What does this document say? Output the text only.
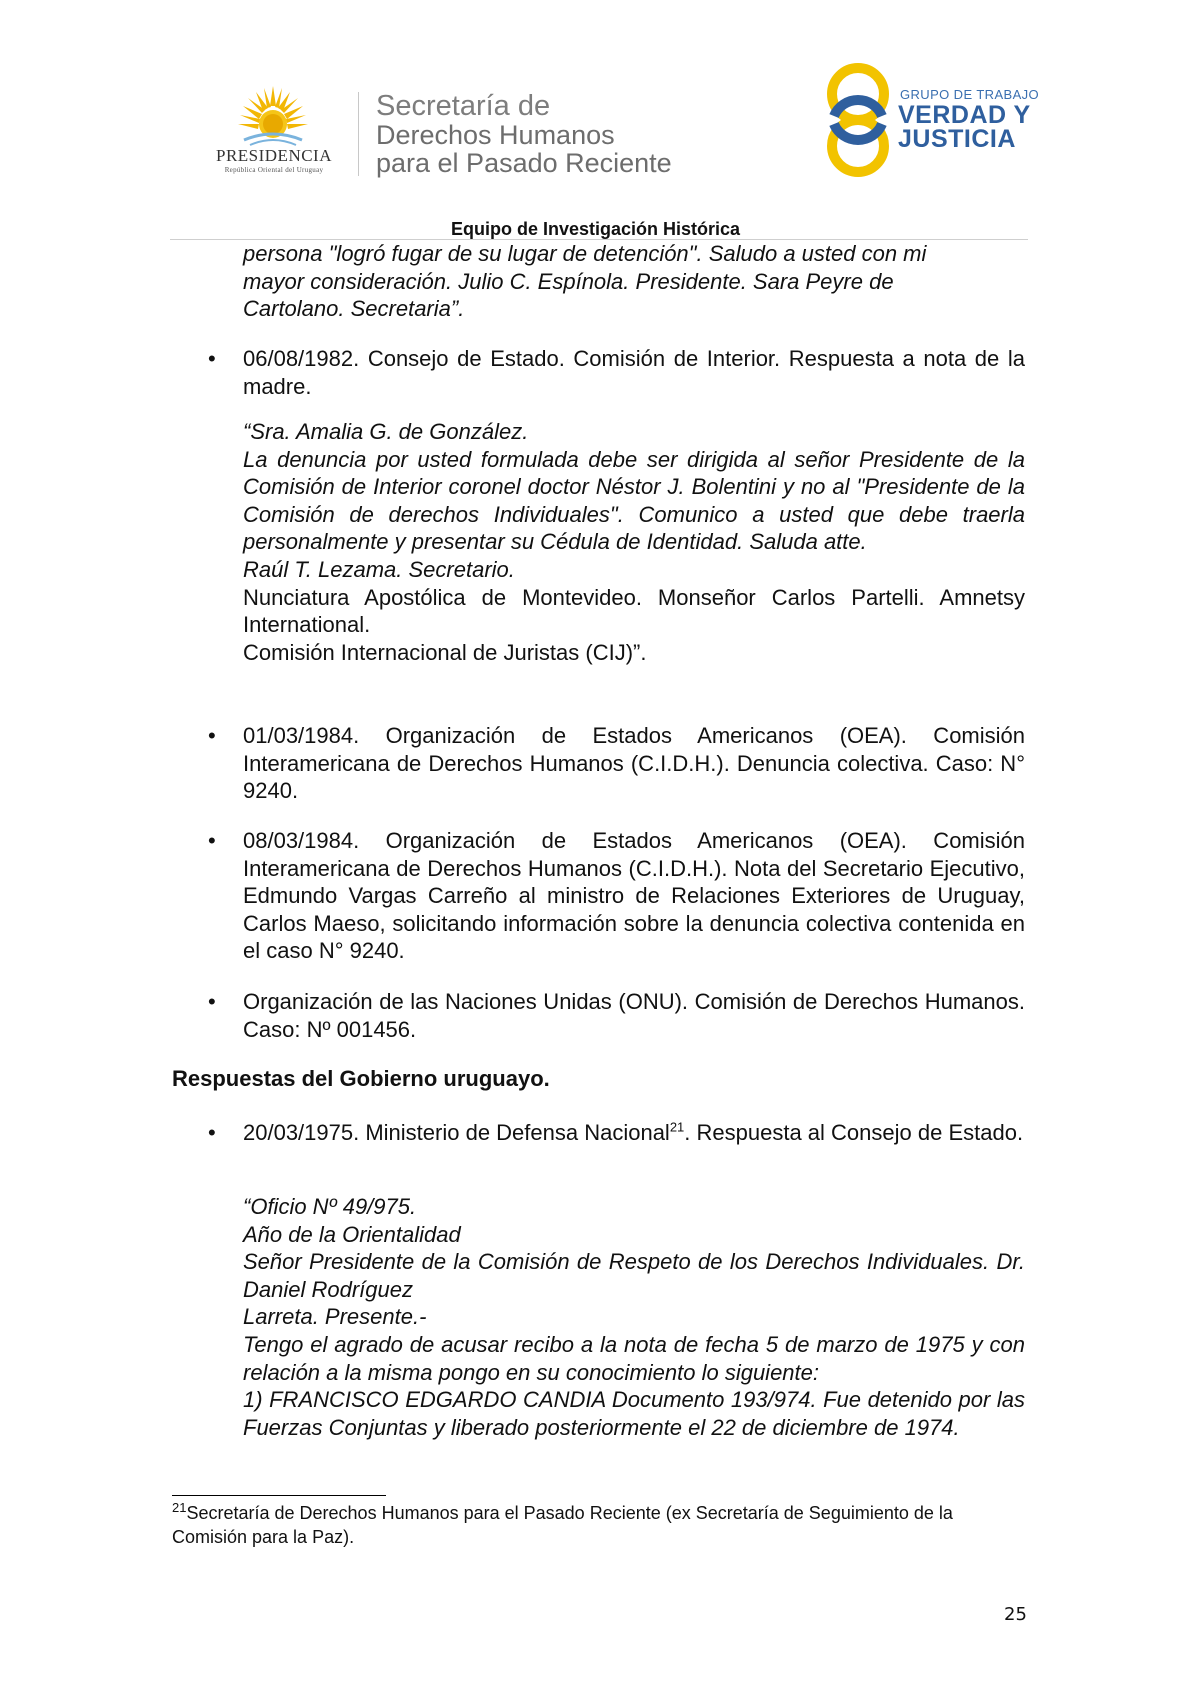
PRESIDENCIA
República Oriental del Uruguay
Secretaría de
Derechos Humanos
para el Pasado Reciente
GRUPO DE TRABAJO
VERDAD Y
JUSTICIA
Equipo de Investigación Histórica
persona "logró fugar de su lugar de detención". Saludo a usted con mi
mayor consideración. Julio C. Espínola. Presidente. Sara Peyre de
Cartolano. Secretaria”.
• 06/08/1982. Consejo de Estado. Comisión de Interior. Respuesta a nota de la madre.
“Sra. Amalia G. de González.
La denuncia por usted formulada debe ser dirigida al señor Presidente de la Comisión de Interior coronel doctor Néstor J. Bolentini y no al "Presidente de la Comisión de derechos Individuales". Comunico a usted que debe traerla personalmente y presentar su Cédula de Identidad. Saluda atte.
Raúl T. Lezama. Secretario.
Nunciatura Apostólica de Montevideo. Monseñor Carlos Partelli. Amnetsy International.
Comisión Internacional de Juristas (CIJ)”.
• 01/03/1984. Organización de Estados Americanos (OEA). Comisión Interamericana de Derechos Humanos (C.I.D.H.). Denuncia colectiva. Caso: N° 9240.
• 08/03/1984. Organización de Estados Americanos (OEA). Comisión Interamericana de Derechos Humanos (C.I.D.H.). Nota del Secretario Ejecutivo, Edmundo Vargas Carreño al ministro de Relaciones Exteriores de Uruguay, Carlos Maeso, solicitando información sobre la denuncia colectiva contenida en el caso N° 9240.
• Organización de las Naciones Unidas (ONU). Comisión de Derechos Humanos. Caso: Nº 001456.
Respuestas del Gobierno uruguayo.
• 20/03/1975. Ministerio de Defensa Nacional$^{21}$. Respuesta al Consejo de Estado.
“Oficio Nº 49/975.
Año de la Orientalidad
Señor Presidente de la Comisión de Respeto de los Derechos Individuales. Dr. Daniel Rodríguez
Larreta. Presente.-
Tengo el agrado de acusar recibo a la nota de fecha 5 de marzo de 1975 y con relación a la misma pongo en su conocimiento lo siguiente:
1) FRANCISCO EDGARDO CANDIA Documento 193/974. Fue detenido por las Fuerzas Conjuntas y liberado posteriormente el 22 de diciembre de 1974.
$^{21}$Secretaría de Derechos Humanos para el Pasado Reciente (ex Secretaría de Seguimiento de la Comisión para la Paz).
25
